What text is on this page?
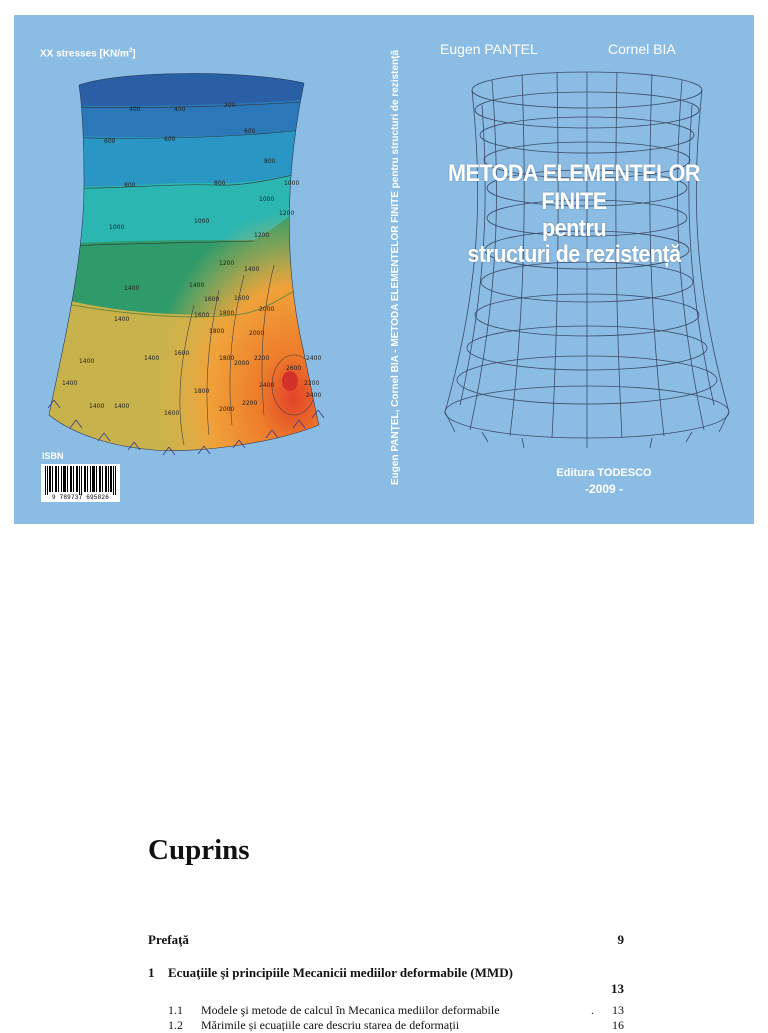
400	400
200
600	600
600
800	800
800
1000
1000
1000
1000
1200
1200
1200
1400
1400
1400
1400
1400
1400
1600
1600
1600
1600
1800
1800
1800
2000
2000
2000
2200
2200
2400
2400
2400
2600
2200
1400
1400
1400
1600
1800
2000
XX stresses $[KN/m^2]$
ISBN
9 789737 695826
Eugen PANȚEL, Cornel BIA - METODA ELEMENTELOR FINITE pentru structuri de rezistență
Eugen PANȚEL	Cornel BIA
METODA ELEMENTELOR FINITE
pentru
structuri de rezistență
Editura TODESCO
-2009 -
Cuprins
Prefaţă	9
1 Ecuaţiile şi principiile Mecanicii mediilor deformabile (MMD)
13
1.1 Modele şi metode de calcul în Mecanica mediilor deformabile	. 13
1.2 Mărimile și ecuațiile care descriu starea de deformații	16
